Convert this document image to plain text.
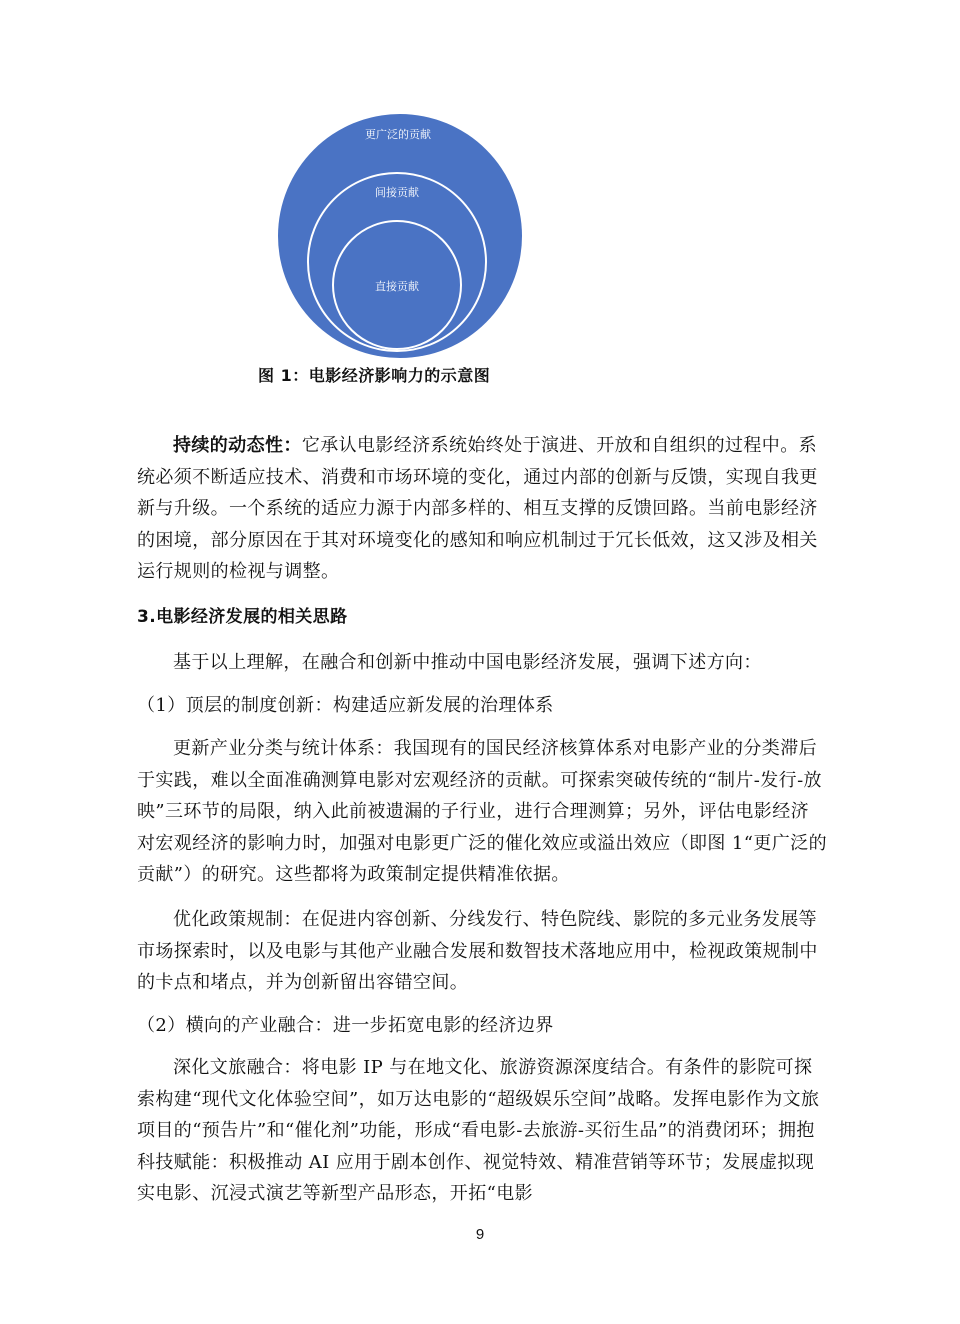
更广泛的贡献
间接贡献
直接贡献
图 1：电影经济影响力的示意图
持续的动态性：它承认电影经济系统始终处于演进、开放和自组织的过程中。系统必须不断适应技术、消费和市场环境的变化，通过内部的创新与反馈，实现自我更新与升级。一个系统的适应力源于内部多样的、相互支撑的反馈回路。当前电影经济的困境，部分原因在于其对环境变化的感知和响应机制过于冗长低效，这又涉及相关运行规则的检视与调整。
3.电影经济发展的相关思路
基于以上理解，在融合和创新中推动中国电影经济发展，强调下述方向：
（1）顶层的制度创新：构建适应新发展的治理体系
更新产业分类与统计体系：我国现有的国民经济核算体系对电影产业的分类滞后于实践，难以全面准确测算电影对宏观经济的贡献。可探索突破传统的“制片-发行-放映”三环节的局限，纳入此前被遗漏的子行业，进行合理测算；另外，评估电影经济对宏观经济的影响力时，加强对电影更广泛的催化效应或溢出效应（即图 1“更广泛的贡献”）的研究。这些都将为政策制定提供精准依据。
优化政策规制：在促进内容创新、分线发行、特色院线、影院的多元业务发展等市场探索时，以及电影与其他产业融合发展和数智技术落地应用中，检视政策规制中的卡点和堵点，并为创新留出容错空间。
（2）横向的产业融合：进一步拓宽电影的经济边界
深化文旅融合：将电影 IP 与在地文化、旅游资源深度结合。有条件的影院可探索构建“现代文化体验空间”，如万达电影的“超级娱乐空间”战略。发挥电影作为文旅项目的“预告片”和“催化剂”功能，形成“看电影-去旅游-买衍生品”的消费闭环；拥抱科技赋能：积极推动 AI 应用于剧本创作、视觉特效、精准营销等环节；发展虚拟现实电影、沉浸式演艺等新型产品形态，开拓“电影
9
